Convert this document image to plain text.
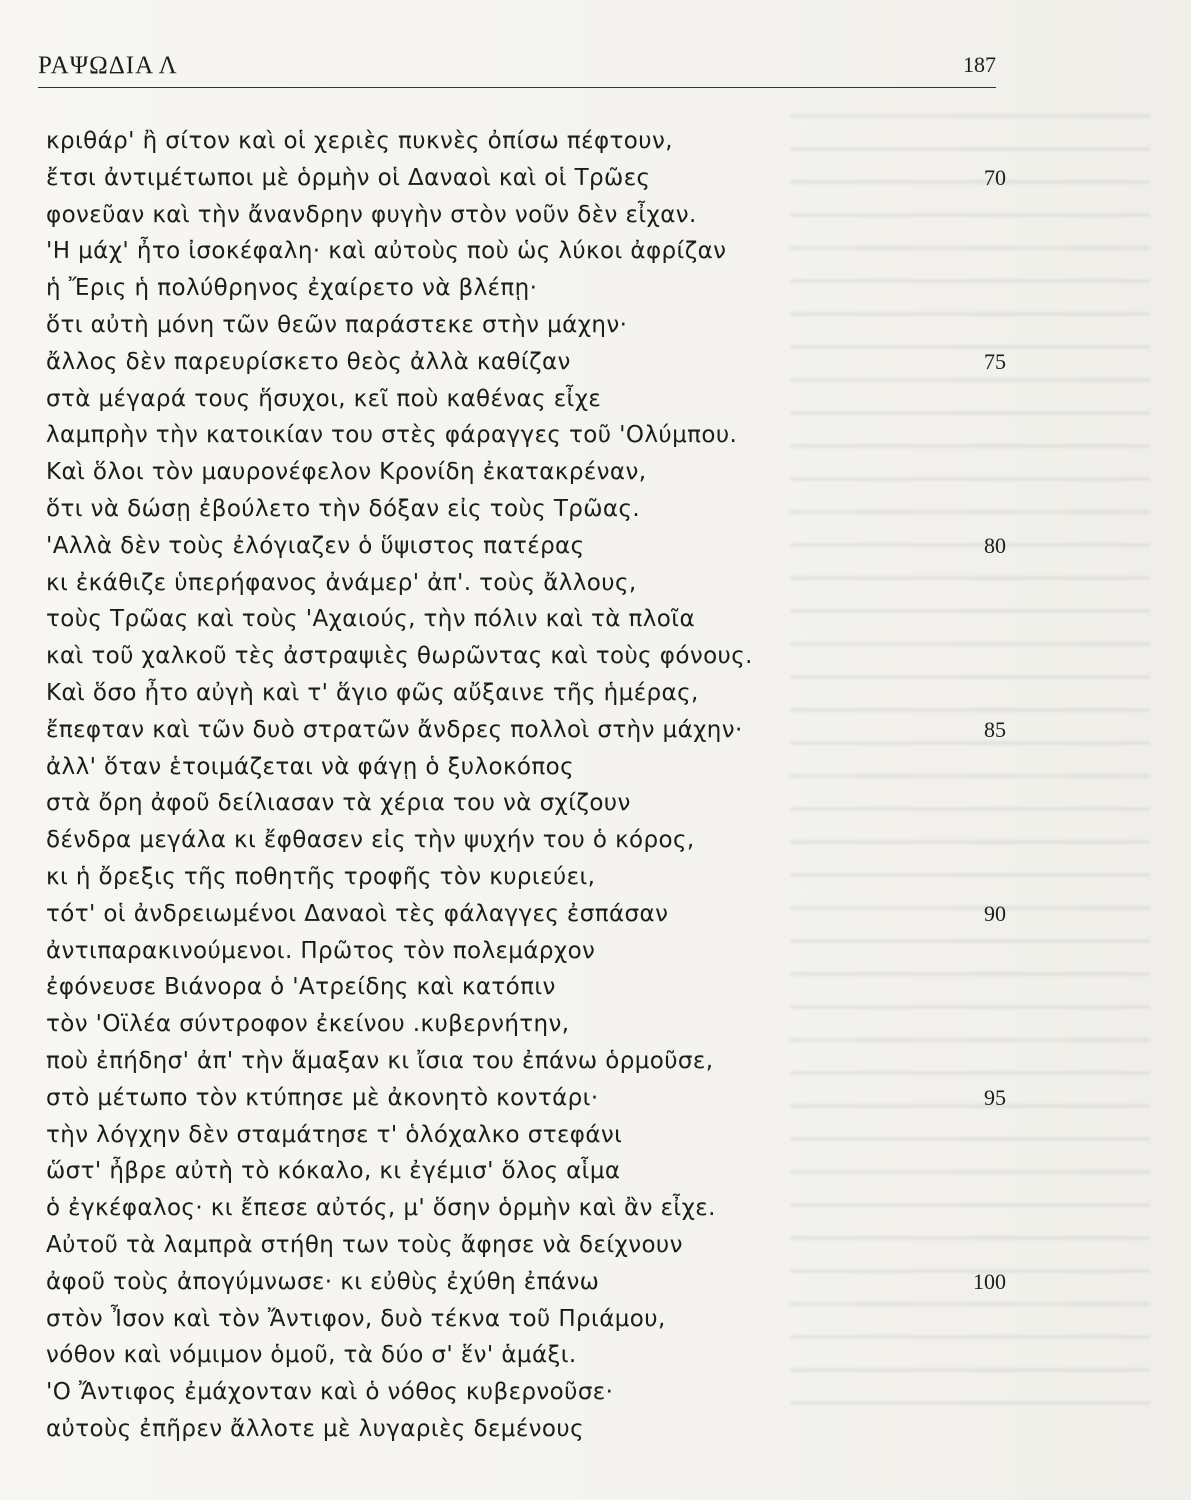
ΡΑΨΩΔΙΑ Λ	187
κριθάρ' ἢ σίτον καὶ οἱ χεριὲς πυκνὲς ὀπίσω πέφτουν,
ἔτσι ἀντιμέτωποι μὲ ὁρμὴν οἱ Δαναοὶ καὶ οἱ Τρῶες	70
φονεῦαν καὶ τὴν ἄνανδρην φυγὴν στὸν νοῦν δὲν εἶχαν.
'Η μάχ' ἦτο ἰσοκέφαλη· καὶ αὐτοὺς ποὺ ὡς λύκοι ἀφρίζαν
ἡ Ἔρις ἡ πολύθρηνος ἐχαίρετο νὰ βλέπῃ·
ὅτι αὐτὴ μόνη τῶν θεῶν παράστεκε στὴν μάχην·
ἄλλος δὲν παρευρίσκετο θεὸς ἀλλὰ καθίζαν	75
στὰ μέγαρά τους ἥσυχοι, κεῖ ποὺ καθένας εἶχε
λαμπρὴν τὴν κατοικίαν του στὲς φάραγγες τοῦ 'Ολύμπου.
Καὶ ὅλοι τὸν μαυρονέφελον Κρονίδη ἐκατακρέναν,
ὅτι νὰ δώσῃ ἐβούλετο τὴν δόξαν εἰς τοὺς Τρῶας.
'Αλλὰ δὲν τοὺς ἐλόγιαζεν ὁ ὕψιστος πατέρας	80
κι ἐκάθιζε ὑπερήφανος ἀνάμερ' ἀπ'. τοὺς ἄλλους,
τοὺς Τρῶας καὶ τοὺς 'Αχαιούς, τὴν πόλιν καὶ τὰ πλοῖα
καὶ τοῦ χαλκοῦ τὲς ἀστραψιὲς θωρῶντας καὶ τοὺς φόνους.
Καὶ ὅσο ἦτο αὐγὴ καὶ τ' ἅγιο φῶς αὔξαινε τῆς ἡμέρας,
ἔπεφταν καὶ τῶν δυὸ στρατῶν ἄνδρες πολλοὶ στὴν μάχην·	85
ἀλλ' ὅταν ἑτοιμάζεται νὰ φάγῃ ὁ ξυλοκόπος
στὰ ὄρη ἀφοῦ δείλιασαν τὰ χέρια του νὰ σχίζουν
δένδρα μεγάλα κι ἔφθασεν εἰς τὴν ψυχήν του ὁ κόρος,
κι ἡ ὄρεξις τῆς ποθητῆς τροφῆς τὸν κυριεύει,
τότ' οἱ ἀνδρειωμένοι Δαναοὶ τὲς φάλαγγες ἐσπάσαν	90
ἀντιπαρακινούμενοι. Πρῶτος τὸν πολεμάρχον
ἐφόνευσε Βιάνορα ὁ 'Ατρείδης καὶ κατόπιν
τὸν 'Οϊλέα σύντροφον ἐκείνου .κυβερνήτην,
ποὺ ἐπήδησ' ἀπ' τὴν ἅμαξαν κι ἴσια του ἐπάνω ὁρμοῦσε,
στὸ μέτωπο τὸν κτύπησε μὲ ἀκονητὸ κοντάρι·	95
τὴν λόγχην δὲν σταμάτησε τ' ὁλόχαλκο στεφάνι
ὥστ' ἦβρε αὐτὴ τὸ κόκαλο, κι ἐγέμισ' ὅλος αἷμα
ὁ ἐγκέφαλος· κι ἔπεσε αὐτός, μ' ὅσην ὁρμὴν καὶ ἂν εἶχε.
Αὐτοῦ τὰ λαμπρὰ στήθη των τοὺς ἄφησε νὰ δείχνουν
ἀφοῦ τοὺς ἀπογύμνωσε· κι εὐθὺς ἐχύθη ἐπάνω	100
στὸν Ἶσον καὶ τὸν Ἄντιφον, δυὸ τέκνα τοῦ Πριάμου,
νόθον καὶ νόμιμον ὁμοῦ, τὰ δύο σ' ἕν' ἁμάξι.
'Ο Ἄντιφος ἐμάχονταν καὶ ὁ νόθος κυβερνοῦσε·
αὐτοὺς ἐπῆρεν ἄλλοτε μὲ λυγαριὲς δεμένους
